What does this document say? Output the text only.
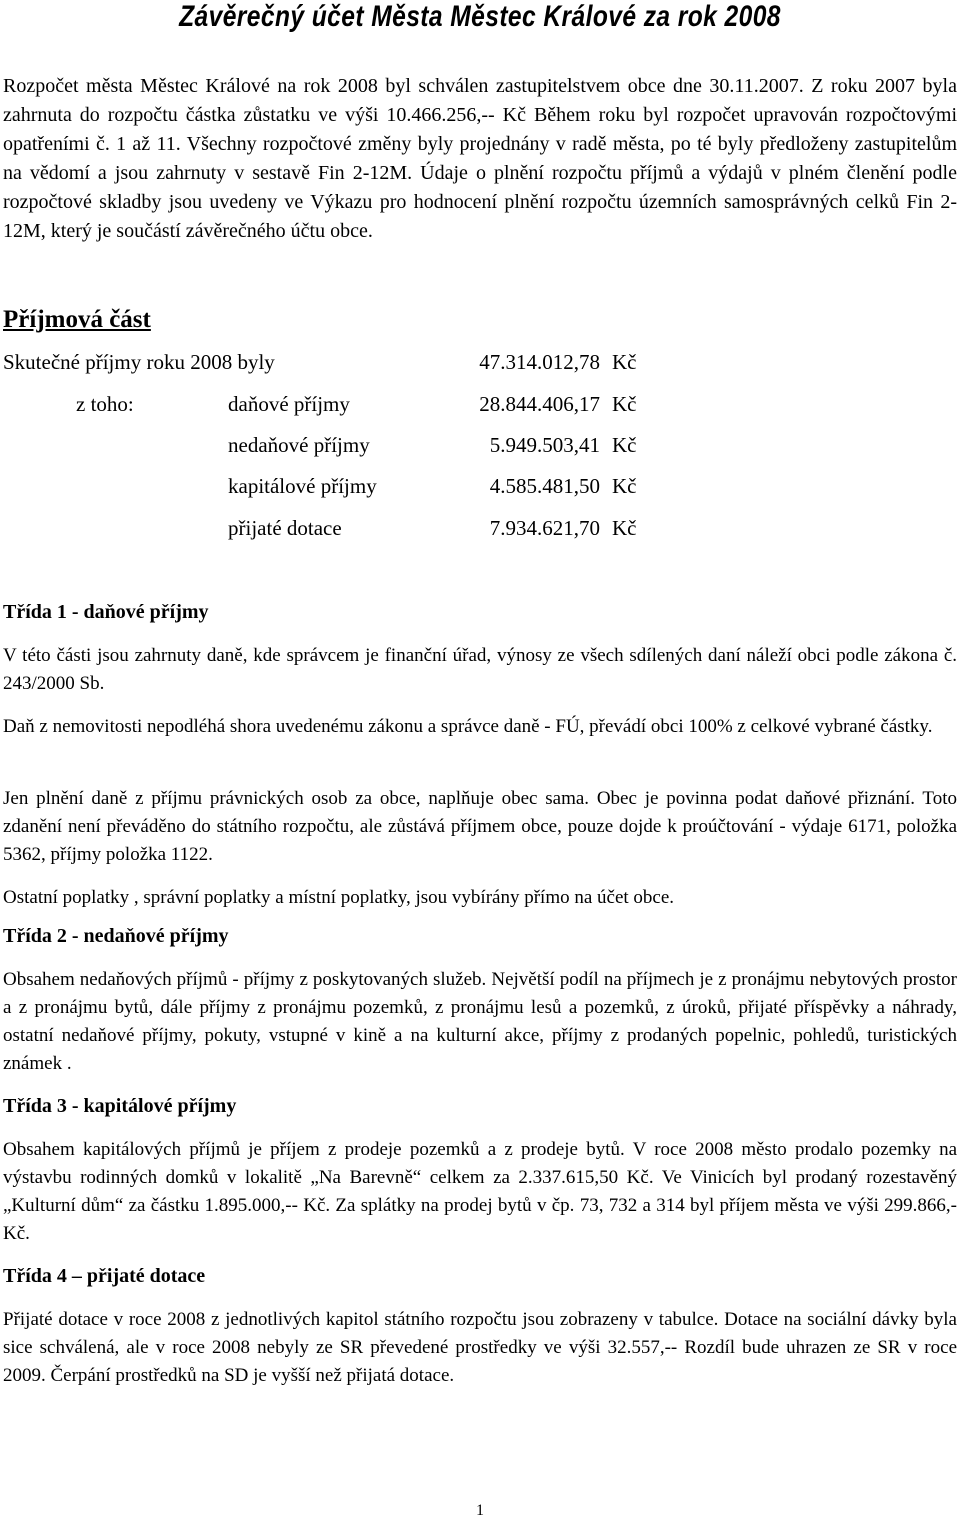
Závěrečný účet Města Městec Králové za rok 2008

Rozpočet města Městec Králové na rok 2008 byl schválen zastupitelstvem obce dne 30.11.2007. Z roku 2007 byla zahrnuta do rozpočtu částka zůstatku ve výši 10.466.256,-- Kč Během roku byl rozpočet upravován rozpočtovými opatřeními č. 1 až 11. Všechny rozpočtové změny byly projednány v radě města, po té byly předloženy zastupitelům na vědomí a jsou zahrnuty v sestavě Fin 2-12M. Údaje o plnění rozpočtu příjmů a výdajů v plném členění podle rozpočtové skladby jsou uvedeny ve Výkazu pro hodnocení plnění rozpočtu územních samosprávných celků Fin 2-12M, který je součástí závěrečného účtu obce.

Příjmová část
Skutečné příjmy roku 2008 byly	47.314.012,78 Kč
z toho:	daňové příjmy	28.844.406,17 Kč
nedaňové příjmy	5.949.503,41 Kč
kapitálové příjmy	4.585.481,50 Kč
přijaté dotace	7.934.621,70 Kč
Třída 1 - daňové příjmy

V této části jsou zahrnuty daně, kde správcem je finanční úřad, výnosy ze všech sdílených daní náleží obci podle zákona č. 243/2000 Sb.

Daň z nemovitosti nepodléhá shora uvedenému zákonu a správce daně - FÚ, převádí obci 100% z celkové vybrané částky.

Jen plnění daně z příjmu právnických osob za obce, naplňuje obec sama. Obec je povinna podat daňové přiznání. Toto zdanění není převáděno do státního rozpočtu, ale zůstává příjmem obce, pouze dojde k proúčtování - výdaje 6171, položka 5362, příjmy položka 1122.

Ostatní poplatky , správní poplatky a místní poplatky, jsou vybírány přímo na účet obce.

Třída 2 - nedaňové příjmy

Obsahem nedaňových příjmů - příjmy z poskytovaných služeb. Největší podíl na příjmech je z pronájmu nebytových prostor a z pronájmu bytů, dále příjmy z pronájmu pozemků, z pronájmu lesů a pozemků, z úroků, přijaté příspěvky a náhrady, ostatní nedaňové příjmy, pokuty, vstupné v kině a na kulturní akce, příjmy z prodaných popelnic, pohledů, turistických známek .

Třída 3 - kapitálové příjmy

Obsahem kapitálových příjmů je příjem z prodeje pozemků a z prodeje bytů. V roce 2008 město prodalo pozemky na výstavbu rodinných domků v lokalitě „Na Barevně“ celkem za 2.337.615,50 Kč. Ve Vinicích byl prodaný rozestavěný „Kulturní dům“ za částku 1.895.000,-- Kč. Za splátky na prodej bytů v čp. 73, 732 a 314 byl příjem města ve výši 299.866,- Kč.

Třída 4 – přijaté dotace

Přijaté dotace v roce 2008 z jednotlivých kapitol státního rozpočtu jsou zobrazeny v tabulce. Dotace na sociální dávky byla sice schválená, ale v roce 2008 nebyly ze SR převedené prostředky ve výši 32.557,-- Rozdíl bude uhrazen ze SR v roce 2009. Čerpání prostředků na SD je vyšší než přijatá dotace.

1
